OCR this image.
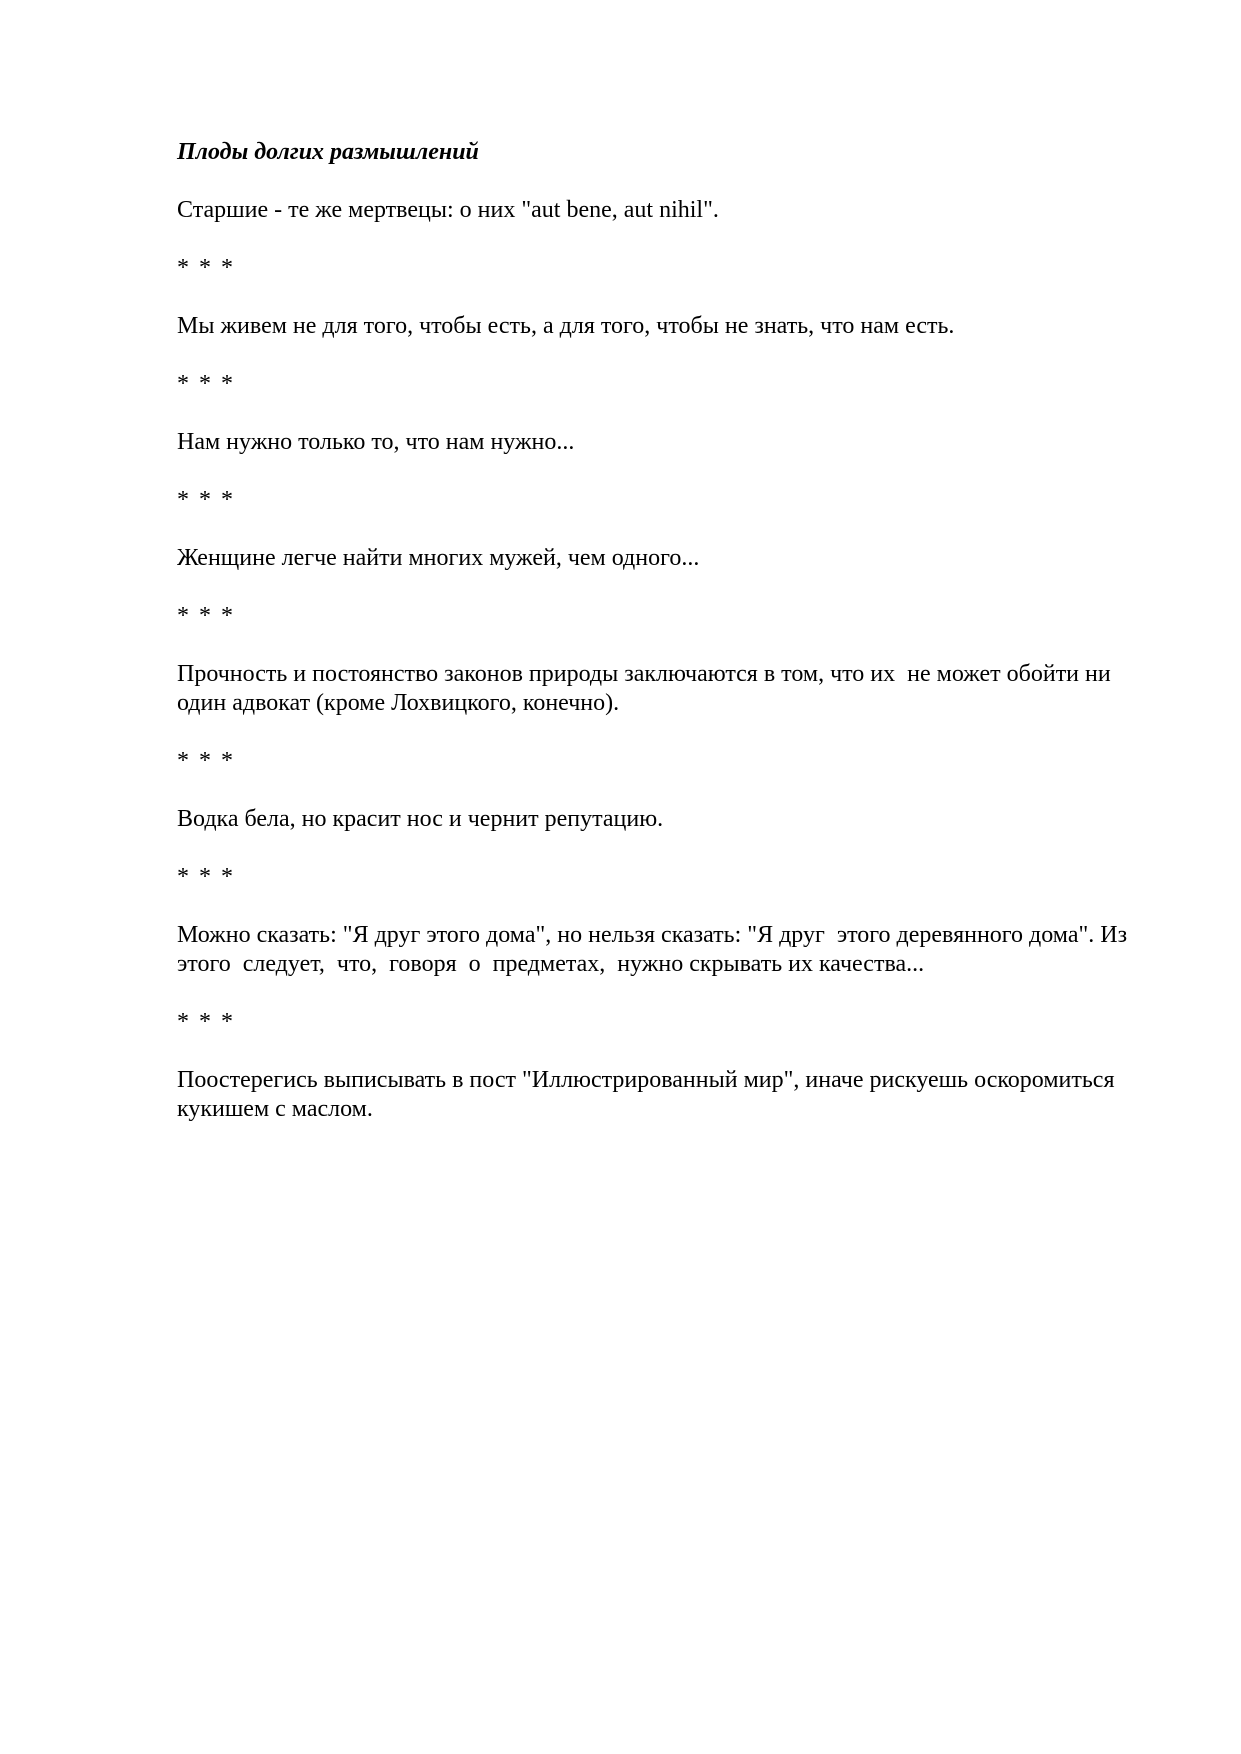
Плоды долгих размышлений
Старшие - те же мертвецы: о них "aut bene, aut nihil".
* * *
Мы живем не для того, чтобы есть, а для того, чтобы не знать, что нам есть.
* * *
Нам нужно только то, что нам нужно...
* * *
Женщине легче найти многих мужей, чем одного...
* * *
Прочность и постоянство законов природы заключаются в том, что их  не может обойти ни один адвокат (кроме Лохвицкого, конечно).
* * *
Водка бела, но красит нос и чернит репутацию.
* * *
Можно сказать: "Я друг этого дома", но нельзя сказать: "Я друг  этого деревянного дома". Из  этого  следует,  что,  говоря  о  предметах,  нужно скрывать их качества...
* * *
Поостерегись выписывать в пост "Иллюстрированный мир", иначе рискуешь оскоромиться кукишем с маслом.
